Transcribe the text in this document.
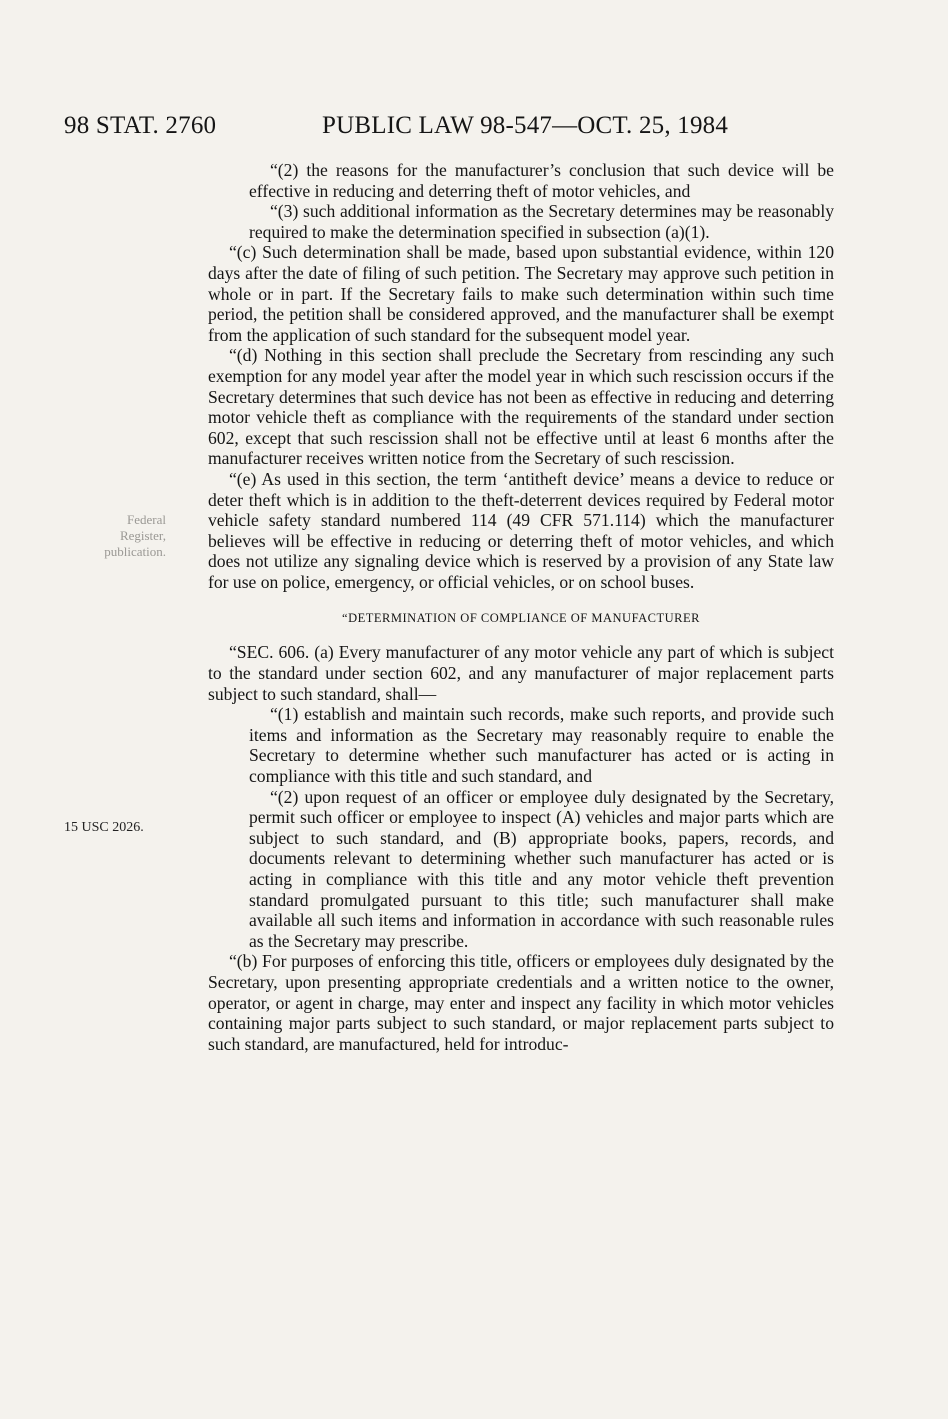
98 STAT. 2760	PUBLIC LAW 98-547—OCT. 25, 1984
Federal Register, publication.
15 USC 2026.

“(2) the reasons for the manufacturer’s conclusion that such device will be effective in reducing and deterring theft of motor vehicles, and

“(3) such additional information as the Secretary determines may be reasonably required to make the determination specified in subsection (a)(1).

“(c) Such determination shall be made, based upon substantial evidence, within 120 days after the date of filing of such petition. The Secretary may approve such petition in whole or in part. If the Secretary fails to make such determination within such time period, the petition shall be considered approved, and the manufacturer shall be exempt from the application of such standard for the subsequent model year.

“(d) Nothing in this section shall preclude the Secretary from rescinding any such exemption for any model year after the model year in which such rescission occurs if the Secretary determines that such device has not been as effective in reducing and deterring motor vehicle theft as compliance with the requirements of the standard under section 602, except that such rescission shall not be effective until at least 6 months after the manufacturer receives written notice from the Secretary of such rescission.

“(e) As used in this section, the term ‘antitheft device’ means a device to reduce or deter theft which is in addition to the theft-deterrent devices required by Federal motor vehicle safety standard numbered 114 (49 CFR 571.114) which the manufacturer believes will be effective in reducing or deterring theft of motor vehicles, and which does not utilize any signaling device which is reserved by a provision of any State law for use on police, emergency, or official vehicles, or on school buses.

“DETERMINATION OF COMPLIANCE OF MANUFACTURER

“SEC. 606. (a) Every manufacturer of any motor vehicle any part of which is subject to the standard under section 602, and any manufacturer of major replacement parts subject to such standard, shall—

“(1) establish and maintain such records, make such reports, and provide such items and information as the Secretary may reasonably require to enable the Secretary to determine whether such manufacturer has acted or is acting in compliance with this title and such standard, and

“(2) upon request of an officer or employee duly designated by the Secretary, permit such officer or employee to inspect (A) vehicles and major parts which are subject to such standard, and (B) appropriate books, papers, records, and documents relevant to determining whether such manufacturer has acted or is acting in compliance with this title and any motor vehicle theft prevention standard promulgated pursuant to this title; such manufacturer shall make available all such items and information in accordance with such reasonable rules as the Secretary may prescribe.

“(b) For purposes of enforcing this title, officers or employees duly designated by the Secretary, upon presenting appropriate credentials and a written notice to the owner, operator, or agent in charge, may enter and inspect any facility in which motor vehicles containing major parts subject to such standard, or major replacement parts subject to such standard, are manufactured, held for introduc-
